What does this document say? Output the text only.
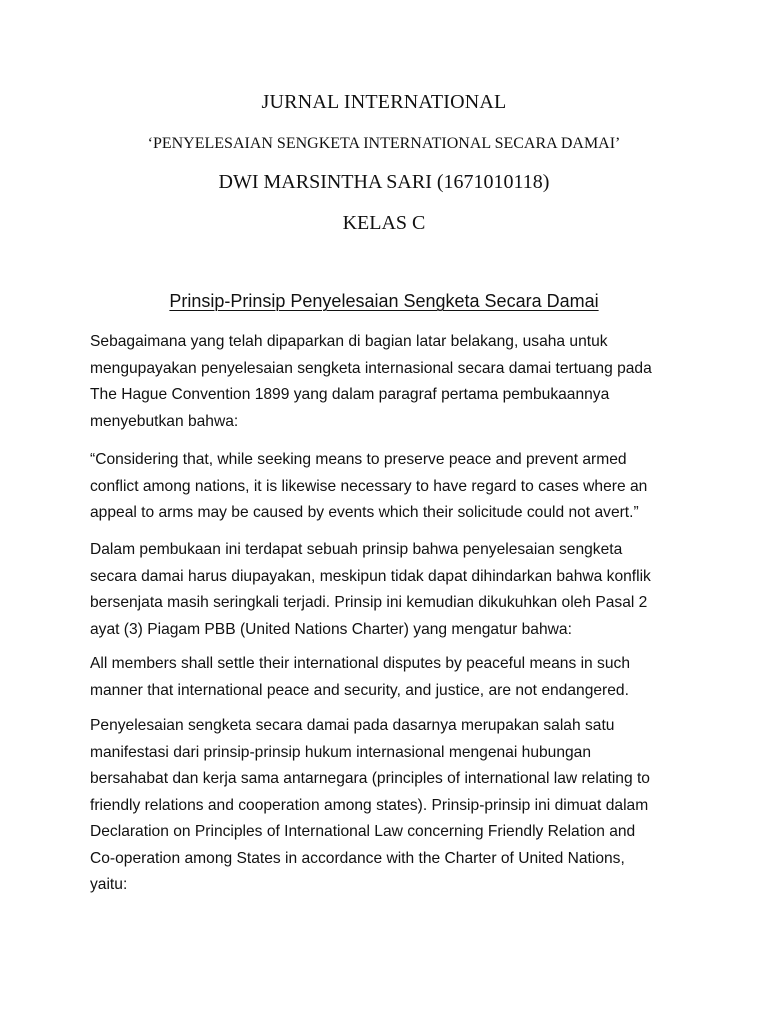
JURNAL INTERNATIONAL
‘PENYELESAIAN SENGKETA INTERNATIONAL SECARA DAMAI’
DWI MARSINTHA SARI (1671010118)
KELAS C
Prinsip-Prinsip Penyelesaian Sengketa Secara Damai
Sebagaimana yang telah dipaparkan di bagian latar belakang, usaha untuk
mengupayakan penyelesaian sengketa internasional secara damai tertuang pada
The Hague Convention 1899 yang dalam paragraf pertama pembukaannya
menyebutkan bahwa:
“Considering that, while seeking means to preserve peace and prevent armed
conflict among nations, it is likewise necessary to have regard to cases where an
appeal to arms may be caused by events which their solicitude could not avert.”
Dalam pembukaan ini terdapat sebuah prinsip bahwa penyelesaian sengketa
secara damai harus diupayakan, meskipun tidak dapat dihindarkan bahwa konflik
bersenjata masih seringkali terjadi. Prinsip ini kemudian dikukuhkan oleh Pasal 2
ayat (3) Piagam PBB (United Nations Charter) yang mengatur bahwa:
All members shall settle their international disputes by peaceful means in such
manner that international peace and security, and justice, are not endangered.
Penyelesaian sengketa secara damai pada dasarnya merupakan salah satu
manifestasi dari prinsip-prinsip hukum internasional mengenai hubungan
bersahabat dan kerja sama antarnegara (principles of international law relating to
friendly relations and cooperation among states). Prinsip-prinsip ini dimuat dalam
Declaration on Principles of International Law concerning Friendly Relation and
Co-operation among States in accordance with the Charter of United Nations,
yaitu:
